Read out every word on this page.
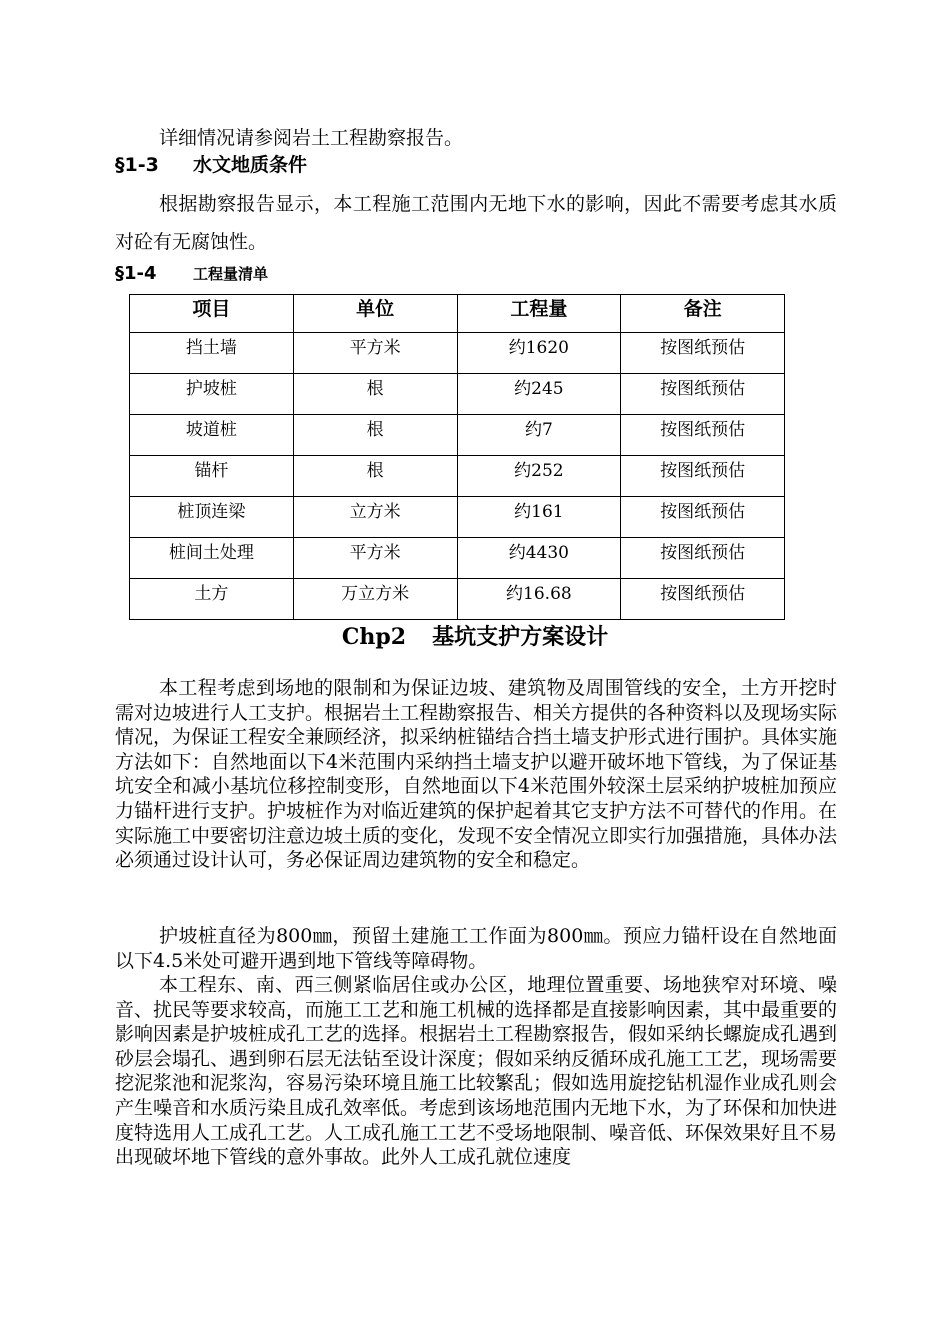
详细情况请参阅岩土工程勘察报告。

§1-3 水文地质条件

根据勘察报告显示，本工程施工范围内无地下水的影响，因此不需要考虑其水质对砼有无腐蚀性。

§1-4 工程量清单
项目	单位	工程量	备注
挡土墙	平方米	约1620	按图纸预估
护坡桩	根	约245	按图纸预估
坡道桩	根	约7	按图纸预估
锚杆	根	约252	按图纸预估
桩顶连梁	立方米	约161	按图纸预估
桩间土处理	平方米	约4430	按图纸预估
土方	万立方米	约16.68	按图纸预估
Chp2 基坑支护方案设计

本工程考虑到场地的限制和为保证边坡、建筑物及周围管线的安全，土方开挖时需对边坡进行人工支护。根据岩土工程勘察报告、相关方提供的各种资料以及现场实际情况，为保证工程安全兼顾经济，拟采纳桩锚结合挡土墙支护形式进行围护。具体实施方法如下：自然地面以下4米范围内采纳挡土墙支护以避开破坏地下管线，为了保证基坑安全和减小基坑位移控制变形，自然地面以下4米范围外较深土层采纳护坡桩加预应力锚杆进行支护。护坡桩作为对临近建筑的保护起着其它支护方法不可替代的作用。在实际施工中要密切注意边坡土质的变化，发现不安全情况立即实行加强措施，具体办法必须通过设计认可，务必保证周边建筑物的安全和稳定。

护坡桩直径为800㎜，预留土建施工工作面为800㎜。预应力锚杆设在自然地面以下4.5米处可避开遇到地下管线等障碍物。

本工程东、南、西三侧紧临居住或办公区，地理位置重要、场地狭窄对环境、噪音、扰民等要求较高，而施工工艺和施工机械的选择都是直接影响因素，其中最重要的影响因素是护坡桩成孔工艺的选择。根据岩土工程勘察报告，假如采纳长螺旋成孔遇到砂层会塌孔、遇到卵石层无法钻至设计深度；假如采纳反循环成孔施工工艺，现场需要挖泥浆池和泥浆沟，容易污染环境且施工比较繁乱；假如选用旋挖钻机湿作业成孔则会产生噪音和水质污染且成孔效率低。考虑到该场地范围内无地下水，为了环保和加快进度特选用人工成孔工艺。人工成孔施工工艺不受场地限制、噪音低、环保效果好且不易出现破坏地下管线的意外事故。此外人工成孔就位速度
